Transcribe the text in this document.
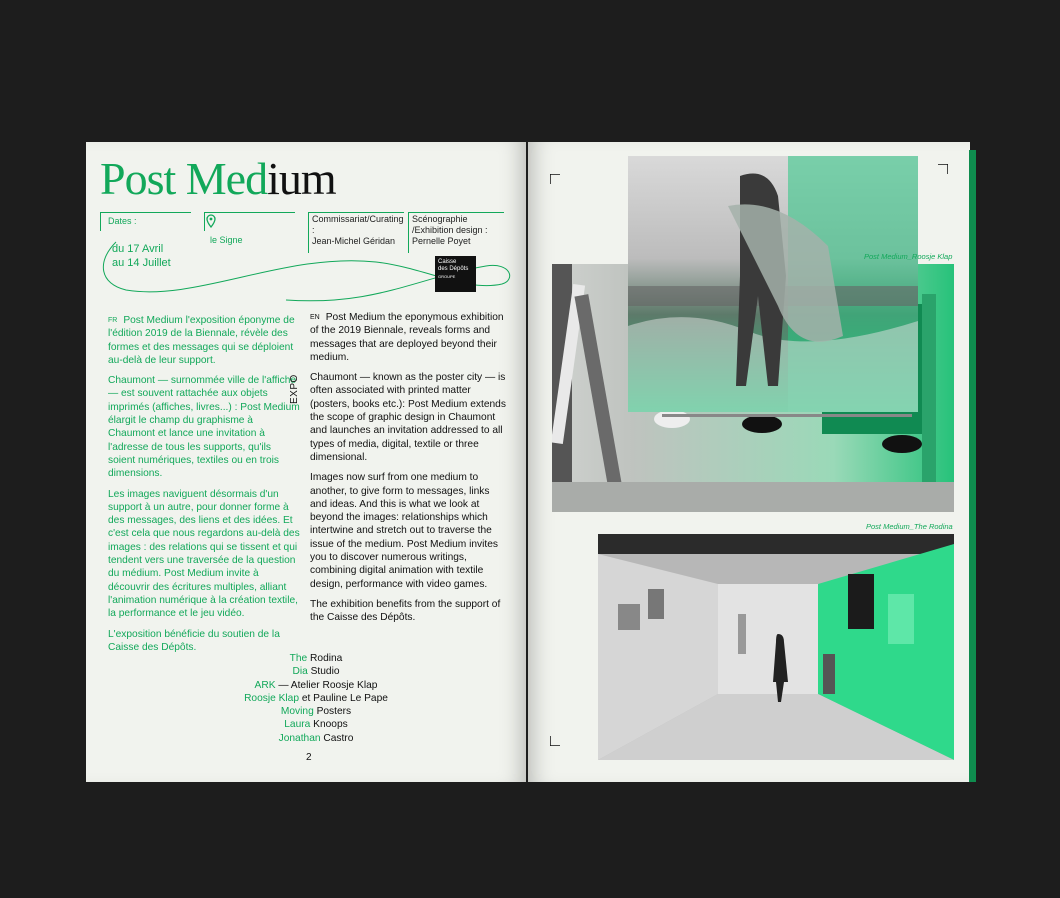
Post Medium
Dates :
le Signe
Commissariat/Curating :
Jean-Michel Géridan
Scénographie /Exhibition design :
Pernelle Poyet
du 17 Avril
au 14 Juillet	Caisse
des Dépôts
GROUPE

FR Post Medium l'exposition éponyme de l'édition 2019 de la Biennale, révèle des formes et des messages qui se déploient au-delà de leur support.

Chaumont — surnommée ville de l'affiche — est souvent rattachée aux objets imprimés (affiches, livres...) : Post Medium élargit le champ du graphisme à Chaumont et lance une invitation à l'adresse de tous les supports, qu'ils soient numériques, textiles ou en trois dimensions.

Les images naviguent désormais d'un support à un autre, pour donner forme à des messages, des liens et des idées. Et c'est cela que nous regardons au-delà des images : des relations qui se tissent et qui tendent vers une traversée de la question du médium. Post Medium invite à découvrir des écritures multiples, alliant l'animation numérique à la création textile, la performance et le jeu vidéo.

L'exposition bénéficie du soutien de la Caisse des Dépôts.

EXPO

EN Post Medium the eponymous exhibition of the 2019 Biennale, reveals forms and messages that are deployed beyond their medium.

Chaumont — known as the poster city — is often associated with printed matter (posters, books etc.): Post Medium extends the scope of graphic design in Chaumont and launches an invitation addressed to all types of media, digital, textile or three dimensional.

Images now surf from one medium to another, to give form to messages, links and ideas. And this is what we look at beyond the images: relationships which intertwine and stretch out to traverse the issue of the medium. Post Medium invites you to discover numerous writings, combining digital animation with textile design, performance with video games.

The exhibition benefits from the support of the Caisse des Dépôts.

The Rodina
Dia Studio
ARK — Atelier Roosje Klap
Roosje Klap et Pauline Le Pape
Moving Posters
Laura Knoops
Jonathan Castro
2
Post Medium_Roosje Klap
Post Medium_The Rodina
